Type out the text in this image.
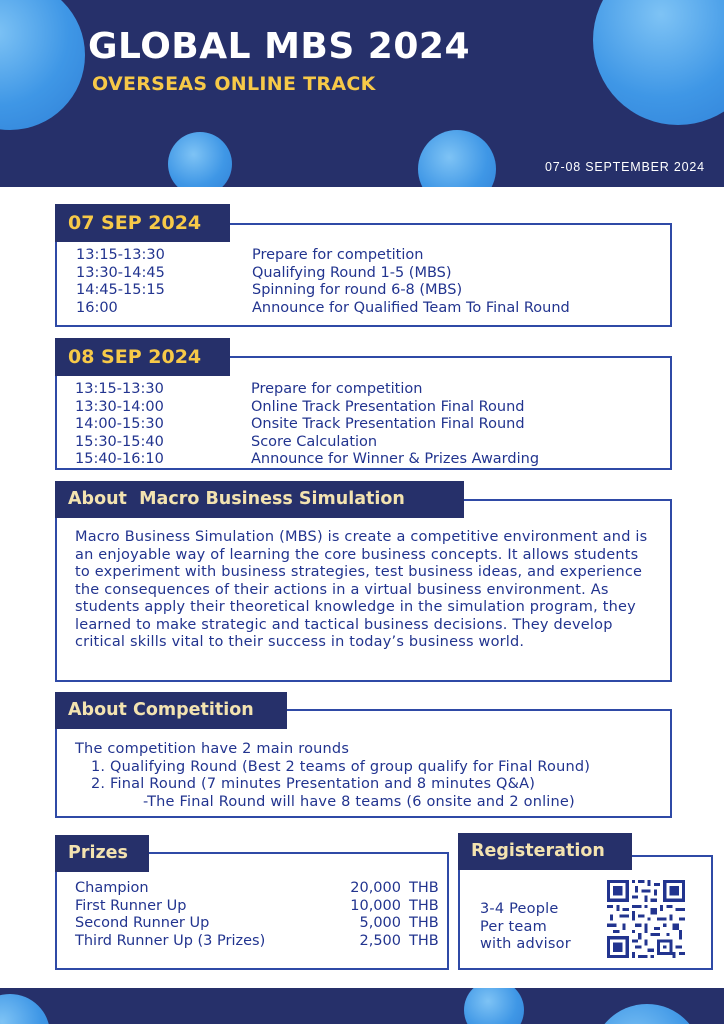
GLOBAL MBS 2024
OVERSEAS ONLINE TRACK
07-08 SEPTEMBER 2024
13:15-13:30	Prepare for competition
13:30-14:45	Qualifying Round 1-5 (MBS)
14:45-15:15	Spinning for round 6-8 (MBS)
16:00	Announce for Qualified Team To Final Round
07 SEP 2024
13:15-13:30	Prepare for competition
13:30-14:00	Online Track Presentation Final Round
14:00-15:30	Onsite Track Presentation Final Round
15:30-15:40	Score Calculation
15:40-16:10	Announce for Winner & Prizes Awarding
08 SEP 2024
Macro Business Simulation (MBS) is create a competitive environment and is an enjoyable way of learning the core business concepts. It allows students to experiment with business strategies, test business ideas, and experience the consequences of their actions in a virtual business environment. As students apply their theoretical knowledge in the simulation program, they learned to make strategic and tactical business decisions. They develop critical skills vital to their success in today’s business world.
About  Macro Business Simulation
The competition have 2 main rounds
1. Qualifying Round (Best 2 teams of group qualify for Final Round)
2. Final Round (7 minutes Presentation and 8 minutes Q&A)
-The Final Round will have 8 teams (6 onsite and 2 online)
About Competition
Champion	20,000 THB
First Runner Up	10,000 THB
Second Runner Up	5,000 THB
Third Runner Up (3 Prizes)	2,500 THB
Prizes
3-4 People
Per team
with advisor
Registeration
